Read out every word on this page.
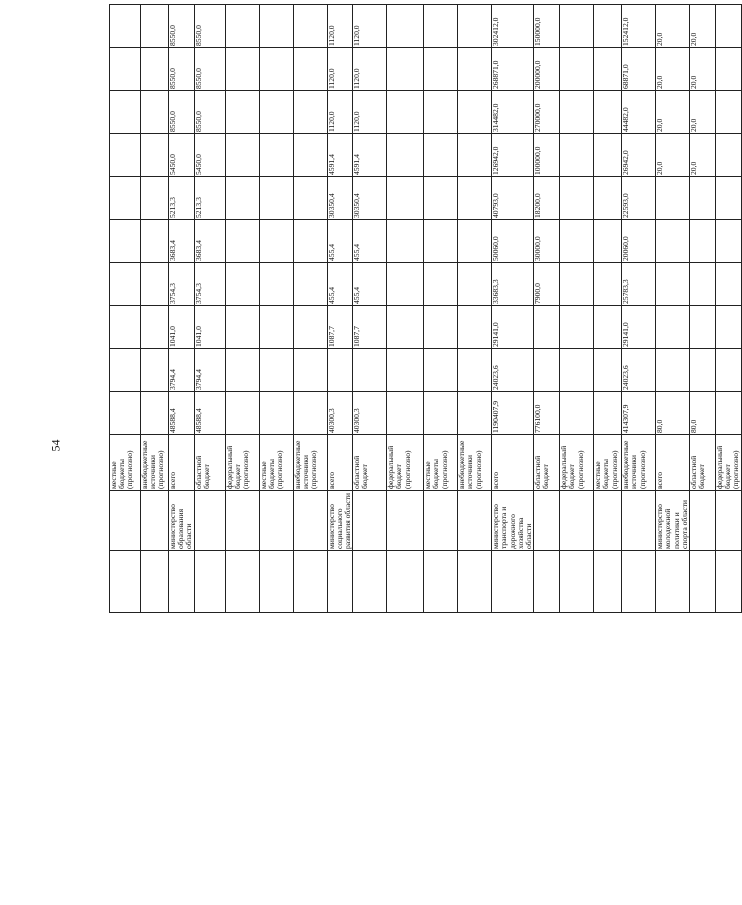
54
		местные бюджеты (прогнозно)										
		внебюджетные источники (прогнозно)										
	министерство образования области	всего	48588,4	3794,4	1041,0	3754,3	3683,4	5213,3	5450,0	8550,0	8550,0	8550,0
		областной бюджет	48588,4	3794,4	1041,0	3754,3	3683,4	5213,3	5450,0	8550,0	8550,0	8550,0
		федеральный бюджет (прогнозно)										
		местные бюджеты (прогнозно)										
		внебюджетные источники (прогнозно)										
	министерство социального развития области	всего	40300,3		1087,7	455,4	455,4	30350,4	4591,4	1120,0	1120,0	1120,0
		областной бюджет	40300,3		1087,7	455,4	455,4	30350,4	4591,4	1120,0	1120,0	1120,0
		федеральный бюджет (прогнозно)										
		местные бюджеты (прогнозно)										
		внебюджетные источники (прогнозно)										
	министерство транспорта и дорожного хозяйства области	всего	1190407,9	24023,6	29141,0	33683,3	50060,0	40793,0	126942,0	314482,0	268871,0	302412,0
		областной бюджет	776100,0			7900,0	30000,0	18200,0	100000,0	270000,0	200000,0	150000,0
		федеральный бюджет (прогнозно)										
		местные бюджеты (прогнозно)										
		внебюджетные источники (прогнозно)	414307,9	24023,6	29141,0	25783,3	20060,0	22593,0	26942,0	44482,0	68871,0	152412,0
	министерство молодежной политики и спорта области	всего	80,0						20,0	20,0	20,0	20,0
		областной бюджет	80,0						20,0	20,0	20,0	20,0
		федеральный бюджет (прогнозно)										
